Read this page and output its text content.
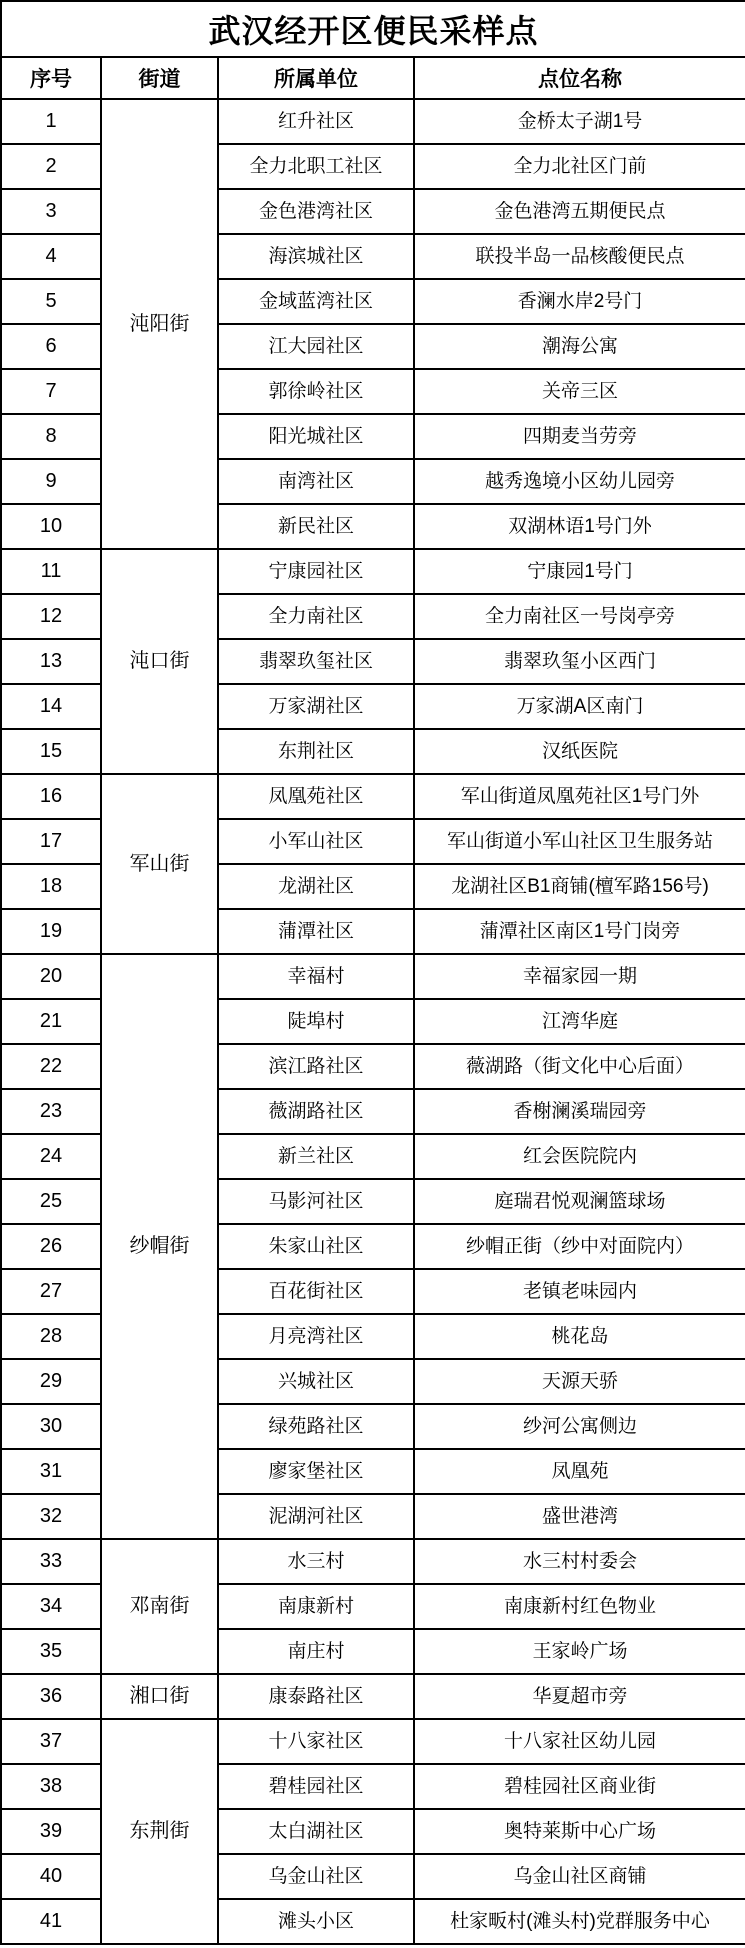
武汉经开区便民采样点			
序号	街道	所属单位	点位名称
1	沌阳街	红升社区	金桥太子湖1号
2		全力北职工社区	全力北社区门前
3		金色港湾社区	金色港湾五期便民点
4		海滨城社区	联投半岛一品核酸便民点
5		金域蓝湾社区	香澜水岸2号门
6		江大园社区	潮海公寓
7		郭徐岭社区	关帝三区
8		阳光城社区	四期麦当劳旁
9		南湾社区	越秀逸境小区幼儿园旁
10		新民社区	双湖林语1号门外
11	沌口街	宁康园社区	宁康园1号门
12		全力南社区	全力南社区一号岗亭旁
13		翡翠玖玺社区	翡翠玖玺小区西门
14		万家湖社区	万家湖A区南门
15		东荆社区	汉纸医院
16	军山街	凤凰苑社区	军山街道凤凰苑社区1号门外
17		小军山社区	军山街道小军山社区卫生服务站
18		龙湖社区	龙湖社区B1商铺(檀军路156号)
19		蒲潭社区	蒲潭社区南区1号门岗旁
20	纱帽街	幸福村	幸福家园一期
21		陡埠村	江湾华庭
22		滨江路社区	薇湖路（街文化中心后面）
23		薇湖路社区	香榭澜溪瑞园旁
24		新兰社区	红会医院院内
25		马影河社区	庭瑞君悦观澜篮球场
26		朱家山社区	纱帽正街（纱中对面院内）
27		百花街社区	老镇老味园内
28		月亮湾社区	桃花岛
29		兴城社区	天源天骄
30		绿苑路社区	纱河公寓侧边
31		廖家堡社区	凤凰苑
32		泥湖河社区	盛世港湾
33	邓南街	水三村	水三村村委会
34		南康新村	南康新村红色物业
35		南庄村	王家岭广场
36	湘口街	康泰路社区	华夏超市旁
37	东荆街	十八家社区	十八家社区幼儿园
38		碧桂园社区	碧桂园社区商业街
39		太白湖社区	奥特莱斯中心广场
40		乌金山社区	乌金山社区商铺
41		滩头小区	杜家畈村(滩头村)党群服务中心
